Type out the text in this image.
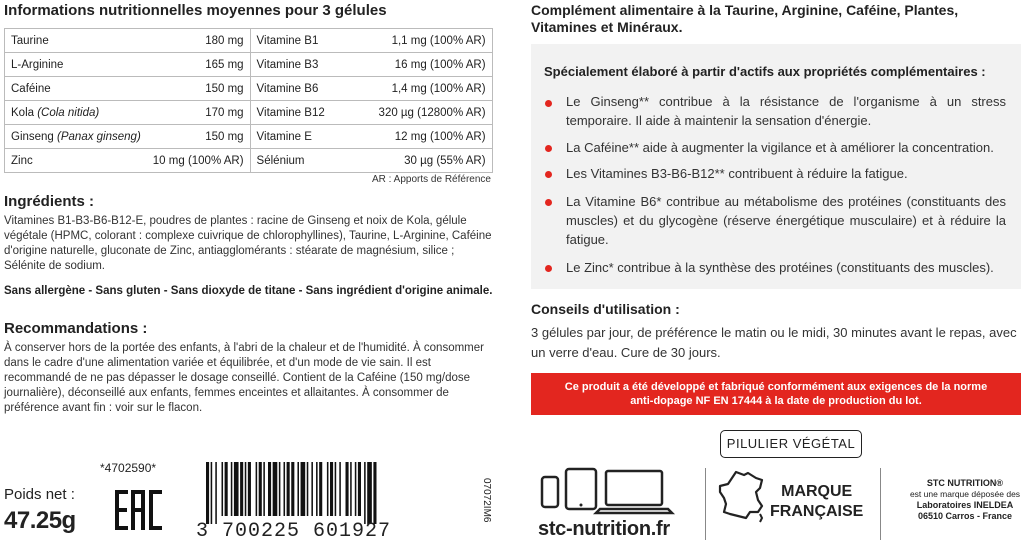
Informations nutritionnelles moyennes pour 3 gélules
Taurine	180 mg	Vitamine B1	1,1 mg (100% AR)
L-Arginine	165 mg	Vitamine B3	16 mg (100% AR)
Caféine	150 mg	Vitamine B6	1,4 mg (100% AR)
Kola (Cola nitida)	170 mg	Vitamine B12	320 µg (12800% AR)
Ginseng (Panax ginseng)	150 mg	Vitamine E	12 mg (100% AR)
Zinc	10 mg (100% AR)	Sélénium	30 µg (55% AR)
AR : Apports de Référence
Ingrédients :
Vitamines B1-B3-B6-B12-E, poudres de plantes : racine de Ginseng et noix de Kola, gélule végétale (HPMC, colorant : complexe cuivrique de chlorophyllines), Taurine, L-Arginine, Caféine d'origine naturelle, gluconate de Zinc, antiagglomérants : stéarate de magnésium, silice ; Sélénite de sodium.
Sans allergène - Sans gluten - Sans dioxyde de titane - Sans ingrédient d'origine animale.
Recommandations :
À conserver hors de la portée des enfants, à l'abri de la chaleur et de l'humidité. À consommer dans le cadre d'une alimentation variée et équilibrée, et d'un mode de vie sain. Il est recommandé de ne pas dépasser le dosage conseillé. Contient de la Caféine (150 mg/dose journalière), déconseillé aux enfants, femmes enceintes et allaitantes. À consommer de préférence avant fin : voir sur le flacon.
*4702590*
Poids net :
47.25g	3 700225 601927
07072IM6
Complément alimentaire à la Taurine, Arginine, Caféine, Plantes, Vitamines et Minéraux.
Spécialement élaboré à partir d'actifs aux propriétés complémentaires :
Le Ginseng** contribue à la résistance de l'organisme à un stress temporaire. Il aide à maintenir la sensation d'énergie.
La Caféine** aide à augmenter la vigilance et à améliorer la concentration.
Les Vitamines B3-B6-B12** contribuent à réduire la fatigue.
La Vitamine B6* contribue au métabolisme des protéines (constituants des muscles) et du glycogène (réserve énergétique musculaire) et à réduire la fatigue.
Le Zinc* contribue à la synthèse des protéines (constituants des muscles).
Conseils d'utilisation :
3 gélules par jour, de préférence le matin ou le midi, 30 minutes avant le repas, avec un verre d'eau. Cure de 30 jours.
Ce produit a été développé et fabriqué conformément aux exigences de la norme
anti-dopage NF EN 17444 à la date de production du lot.
PILULIER VÉGÉTAL
stc-nutrition.fr
MARQUE
FRANÇAISE
STC NUTRITION®
est une marque déposée des
Laboratoires INELDEA
06510 Carros - France
